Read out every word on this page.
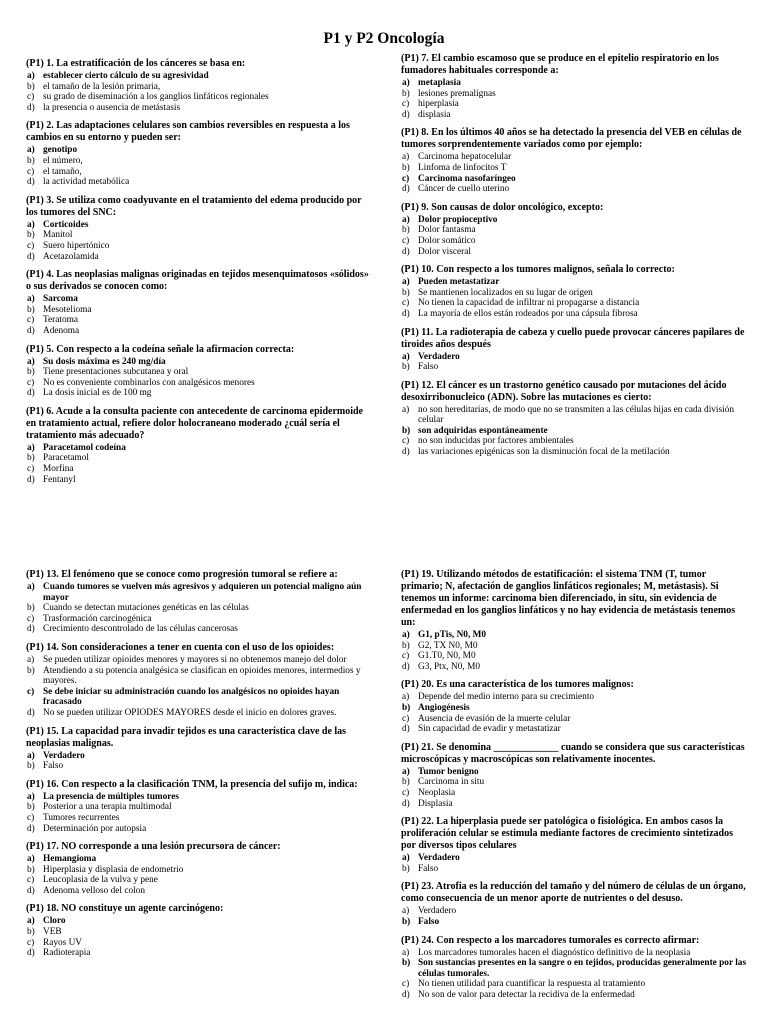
P1 y P2 Oncología
(P1) 1. La estratificación de los cánceres se basa en:
a) establecer cierto cálculo de su agresividad
b) el tamaño de la lesión primaria,
c) su grado de diseminación a los ganglios linfáticos regionales
d) la presencia o ausencia de metástasis
(P1) 2. Las adaptaciones celulares son cambios reversibles en respuesta a los cambios en su entorno y pueden ser:
a) genotipo
b) el número,
c) el tamaño,
d) la actividad metabólica
(P1) 3. Se utiliza como coadyuvante en el tratamiento del edema producido por los tumores del SNC:
a) Corticoides
b) Manitol
c) Suero hipertónico
d) Acetazolamida
(P1) 4. Las neoplasias malignas originadas en tejidos mesenquimatosos «sólidos» o sus derivados se conocen como:
a) Sarcoma
b) Mesotelioma
c) Teratoma
d) Adenoma
(P1) 5. Con respecto a la codeína señale la afirmacion correcta:
a) Su dosis máxima es 240 mg/día
b) Tiene presentaciones subcutanea y oral
c) No es conveniente combinarlos con analgésicos menores
d) La dosis inicial es de 100 mg
(P1) 6. Acude a la consulta paciente con antecedente de carcinoma epidermoide en tratamiento actual, refiere dolor holocraneano moderado ¿cuál sería el tratamiento más adecuado?
a) Paracetamol codeína
b) Paracetamol
c) Morfina
d) Fentanyl
(P1) 7. El cambio escamoso que se produce en el epitelio respiratorio en los fumadores habituales corresponde a:
a) metaplasia
b) lesiones premalignas
c) hiperplasia
d) displasia
(P1) 8. En los últimos 40 años se ha detectado la presencia del VEB en células de tumores sorprendentemente variados como por ejemplo:
a) Carcinoma hepatocelular
b) Linfoma de linfocitos T
c) Carcinoma nasofaríngeo
d) Cáncer de cuello uterino
(P1) 9. Son causas de dolor oncológico, excepto:
a) Dolor propioceptivo
b) Dolor fantasma
c) Dolor somático
d) Dolor visceral
(P1) 10. Con respecto a los tumores malignos, señala lo correcto:
a) Pueden metastatizar
b) Se mantienen localizados en su lugar de origen
c) No tienen la capacidad de infiltrar ni propagarse a distancia
d) La mayoría de ellos están rodeados por una cápsula fibrosa
(P1) 11. La radioterapia de cabeza y cuello puede provocar cánceres papilares de tiroides años después
a) Verdadero
b) Falso
(P1) 12. El cáncer es un trastorno genético causado por mutaciones del ácido desoxirribonucleico (ADN). Sobre las mutaciones es cierto:
a) no son hereditarias, de modo que no se transmiten a las células hijas en cada división celular
b) son adquiridas espontáneamente
c) no son inducidas por factores ambientales
d) las variaciones epigénicas son la disminución focal de la metilación
(P1) 13. El fenómeno que se conoce como progresión tumoral se refiere a:
a) Cuando tumores se vuelven más agresivos y adquieren un potencial maligno aún mayor
b) Cuando se detectan mutaciones genéticas en las células
c) Trasformación carcinogénica
d) Crecimiento descontrolado de las células cancerosas
(P1) 14. Son consideraciones a tener en cuenta con el uso de los opioides:
a) Se pueden utilizar opioides menores y mayores si no obtenemos manejo del dolor
b) Atendiendo a su potencia analgésica se clasifican en opioides menores, intermedios y mayores.
c) Se debe iniciar su administración cuando los analgésicos no opioides hayan fracasado
d) No se pueden utilizar OPIODES MAYORES desde el inicio en dolores graves.
(P1) 15. La capacidad para invadir tejidos es una característica clave de las neoplasias malignas.
a) Verdadero
b) Falso
(P1) 16. Con respecto a la clasificación TNM, la presencia del sufijo m, indica:
a) La presencia de múltiples tumores
b) Posterior a una terapia multimodal
c) Tumores recurrentes
d) Determinación por autopsia
(P1) 17. NO corresponde a una lesión precursora de cáncer:
a) Hemangioma
b) Hiperplasia y displasia de endometrio
c) Leucoplasia de la vulva y pene
d) Adenoma velloso del colon
(P1) 18. NO constituye un agente carcinógeno:
a) Cloro
b) VEB
c) Rayos UV
d) Radioterapia
(P1) 19. Utilizando métodos de estatificación: el sistema TNM (T, tumor primario; N, afectación de ganglios linfáticos regionales; M, metástasis). Si tenemos un informe: carcinoma bien diferenciado, in situ, sin evidencia de enfermedad en los ganglios linfáticos y no hay evidencia de metástasis tenemos un:
a) G1, pTis, N0, M0
b) G2, TX N0, M0
c) G1.T0, N0, M0
d) G3, Ptx, N0, M0
(P1) 20. Es una característica de los tumores malignos:
a) Depende del medio interno para su crecimiento
b) Angiogénesis
c) Ausencia de evasión de la muerte celular
d) Sin capacidad de evadir y metastatizar
(P1) 21. Se denomina _____________ cuando se considera que sus características microscópicas y macroscópicas son relativamente inocentes.
a) Tumor benigno
b) Carcinoma in situ
c) Neoplasia
d) Displasia
(P1) 22. La hiperplasia puede ser patológica o fisiológica. En ambos casos la proliferación celular se estimula mediante factores de crecimiento sintetizados por diversos tipos celulares
a) Verdadero
b) Falso
(P1) 23. Atrofia es la reducción del tamaño y del número de células de un órgano, como consecuencia de un menor aporte de nutrientes o del desuso.
a) Verdadero
b) Falso
(P1) 24. Con respecto a los marcadores tumorales es correcto afirmar:
a) Los marcadores tumorales hacen el diagnóstico definitivo de la neoplasia
b) Son sustancias presentes en la sangre o en tejidos, producidas generalmente por las células tumorales.
c) No tienen utilidad para cuantificar la respuesta al tratamiento
d) No son de valor para detectar la recidiva de la enfermedad
